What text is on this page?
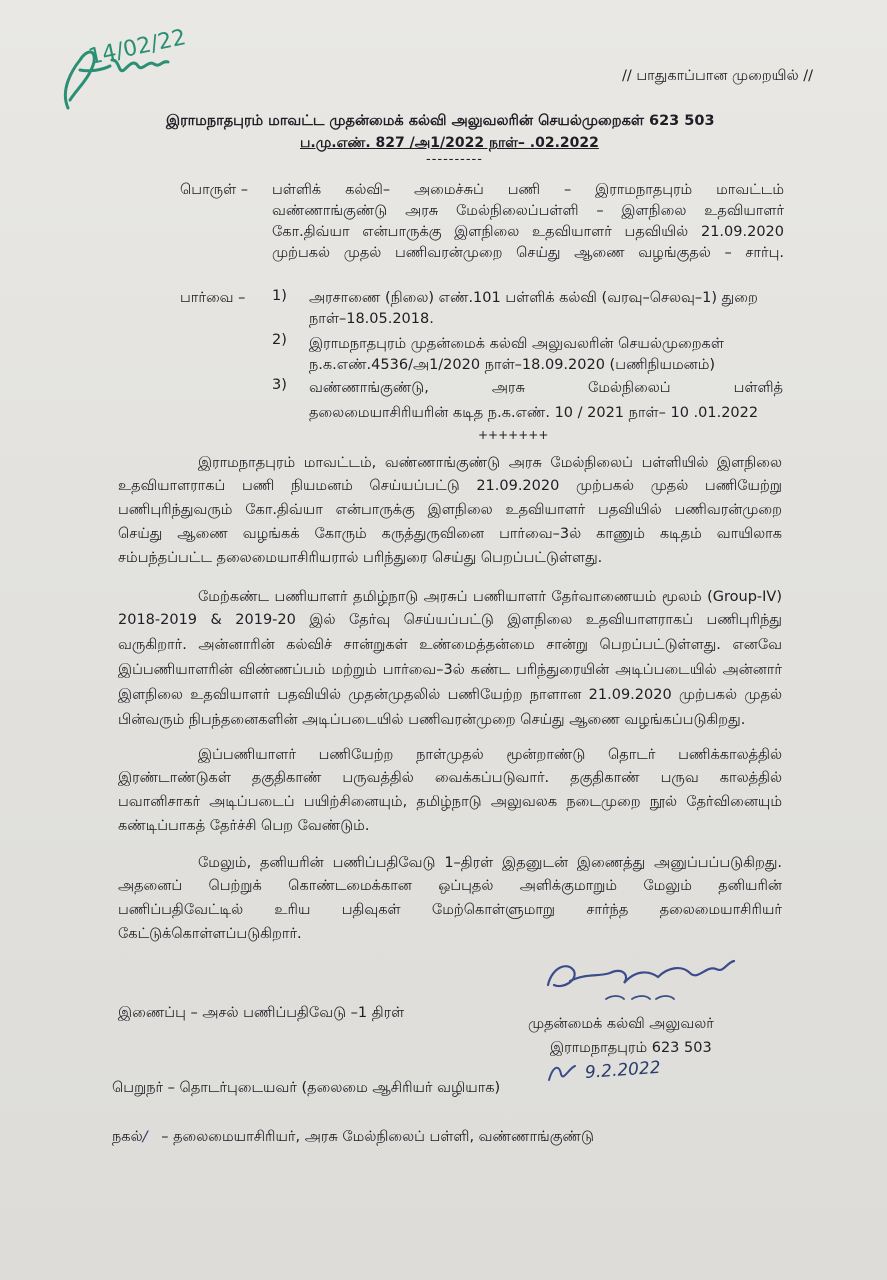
14/02/22
// பாதுகாப்பான முறையில் //
இராமநாதபுரம் மாவட்ட முதன்மைக் கல்வி அலுவலரின் செயல்முறைகள் 623 503
ப.மு.எண். 827 /அ1/2022 நாள்– .02.2022
----------
பொருள் – பள்ளிக் கல்வி– அமைச்சுப் பணி – இராமநாதபுரம் மாவட்டம்
வண்ணாங்குண்டு அரசு மேல்நிலைப்பள்ளி – இளநிலை உதவியாளர்
கோ.திவ்யா என்பாருக்கு இளநிலை உதவியாளர் பதவியில் 21.09.2020
முற்பகல் முதல் பணிவரன்முறை செய்து ஆணை வழங்குதல் – சார்பு.
பார்வை – 1) அரசாணை (நிலை) எண்.101 பள்ளிக் கல்வி (வரவு–செலவு–1) துறை
நாள்–18.05.2018.
2) இராமநாதபுரம் முதன்மைக் கல்வி அலுவலரின் செயல்முறைகள்
ந.க.எண்.4536/அ1/2020 நாள்–18.09.2020 (பணிநியமனம்)
3) வண்ணாங்குண்டு, அரசு மேல்நிலைப் பள்ளித்
தலைமையாசிரியரின் கடித ந.க.எண். 10 / 2021 நாள்– 10 .01.2022
+++++++
இராமநாதபுரம் மாவட்டம், வண்ணாங்குண்டு அரசு மேல்நிலைப் பள்ளியில் இளநிலை
உதவியாளராகப் பணி நியமனம் செய்யப்பட்டு 21.09.2020 முற்பகல் முதல் பணியேற்று
பணிபுரிந்துவரும் கோ.திவ்யா என்பாருக்கு இளநிலை உதவியாளர் பதவியில் பணிவரன்முறை
செய்து ஆணை வழங்கக் கோரும் கருத்துருவினை பார்வை–3ல் காணும் கடிதம் வாயிலாக
சம்பந்தப்பட்ட தலைமையாசிரியரால் பரிந்துரை செய்து பெறப்பட்டுள்ளது.
மேற்கண்ட பணியாளர் தமிழ்நாடு அரசுப் பணியாளர் தேர்வாணையம் மூலம் (Group-IV)
2018-2019 & 2019-20 இல் தேர்வு செய்யப்பட்டு இளநிலை உதவியாளராகப் பணிபுரிந்து
வருகிறார். அன்னாரின் கல்விச் சான்றுகள் உண்மைத்தன்மை சான்று பெறப்பட்டுள்ளது. எனவே
இப்பணியாளரின் விண்ணப்பம் மற்றும் பார்வை–3ல் கண்ட பரிந்துரையின் அடிப்படையில் அன்னார்
இளநிலை உதவியாளர் பதவியில் முதன்முதலில் பணியேற்ற நாளான 21.09.2020 முற்பகல் முதல்
பின்வரும் நிபந்தனைகளின் அடிப்படையில் பணிவரன்முறை செய்து ஆணை வழங்கப்படுகிறது.
இப்பணியாளர் பணியேற்ற நாள்முதல் மூன்றாண்டு தொடர் பணிக்காலத்தில்
இரண்டாண்டுகள் தகுதிகாண் பருவத்தில் வைக்கப்படுவார். தகுதிகாண் பருவ காலத்தில்
பவானிசாகர் அடிப்படைப் பயிற்சினையும், தமிழ்நாடு அலுவலக நடைமுறை நூல் தேர்வினையும்
கண்டிப்பாகத் தேர்ச்சி பெற வேண்டும்.
மேலும், தனியரின் பணிப்பதிவேடு 1–திரள் இதனுடன் இணைத்து அனுப்பப்படுகிறது.
அதனைப் பெற்றுக் கொண்டமைக்கான ஒப்புதல் அளிக்குமாறும் மேலும் தனியரின்
பணிப்பதிவேட்டில் உரிய பதிவுகள் மேற்கொள்ளுமாறு சார்ந்த தலைமையாசிரியர்
கேட்டுக்கொள்ளப்படுகிறார்.
இணைப்பு – அசல் பணிப்பதிவேடு –1 திரள்
முதன்மைக் கல்வி அலுவலர்
இராமநாதபுரம் 623 503
9.2.2022
பெறுநர் – தொடர்புடையவர் (தலைமை ஆசிரியர் வழியாக)
நகல்/ – தலைமையாசிரியர், அரசு மேல்நிலைப் பள்ளி, வண்ணாங்குண்டு
